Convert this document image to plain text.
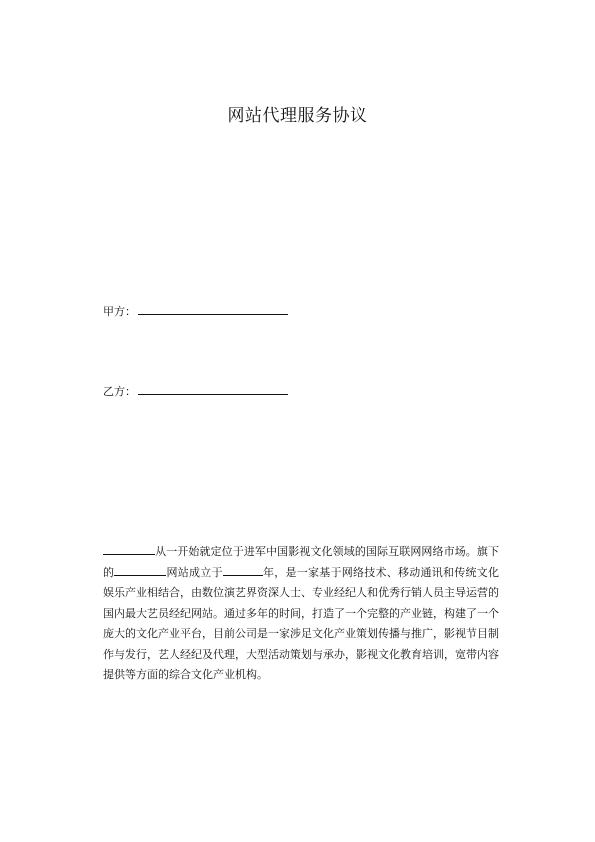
网站代理服务协议
甲方：
乙方：
从一开始就定位于进军中国影视文化领域的国际互联网网络市场。旗下的	网站成立于	年，是一家基于网络技术、移动通讯和传统文化娱乐产业相结合，由数位演艺界资深人士、专业经纪人和优秀行销人员主导运营的国内最大艺员经纪网站。通过多年的时间，打造了一个完整的产业链，构建了一个庞大的文化产业平台，目前公司是一家涉足文化产业策划传播与推广，影视节目制作与发行，艺人经纪及代理，大型活动策划与承办，影视文化教育培训，宽带内容提供等方面的综合文化产业机构。
